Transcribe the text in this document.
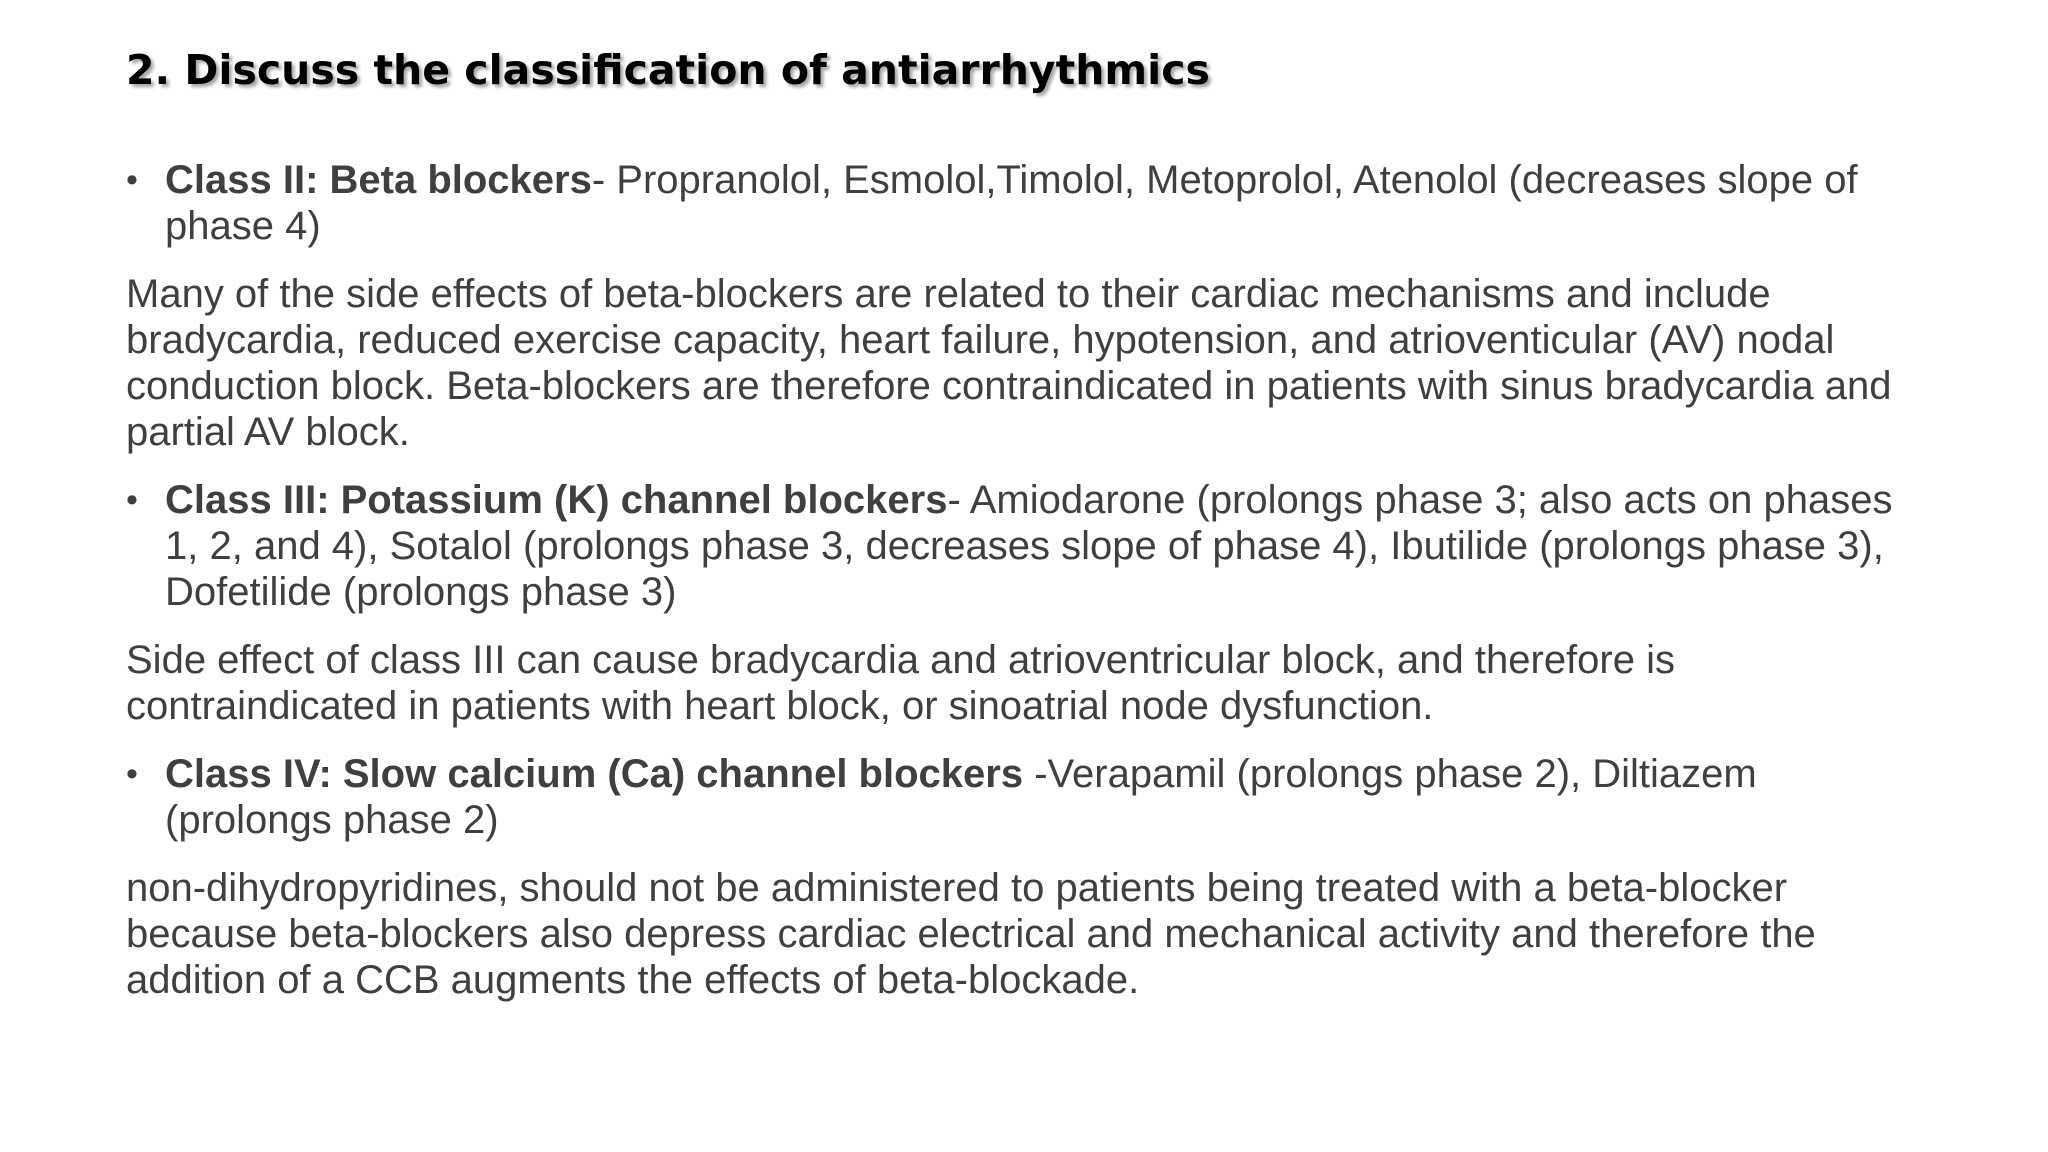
2. Discuss the classification of antiarrhythmics

• Class II: Beta blockers- Propranolol, Esmolol,Timolol, Metoprolol, Atenolol (decreases slope of phase 4)

Many of the side effects of beta-blockers are related to their cardiac mechanisms and include bradycardia, reduced exercise capacity, heart failure, hypotension, and atrioventicular (AV) nodal conduction block. Beta-blockers are therefore contraindicated in patients with sinus bradycardia and partial AV block.

• Class III: Potassium (K) channel blockers- Amiodarone (prolongs phase 3; also acts on phases 1, 2, and 4), Sotalol (prolongs phase 3, decreases slope of phase 4), Ibutilide (prolongs phase 3), Dofetilide (prolongs phase 3)

Side effect of class III can cause bradycardia and atrioventricular block, and therefore is contraindicated in patients with heart block, or sinoatrial node dysfunction.

• Class IV: Slow calcium (Ca) channel blockers -Verapamil (prolongs phase 2), Diltiazem (prolongs phase 2)

non-dihydropyridines, should not be administered to patients being treated with a beta-blocker because beta-blockers also depress cardiac electrical and mechanical activity and therefore the addition of a CCB augments the effects of beta-blockade.
